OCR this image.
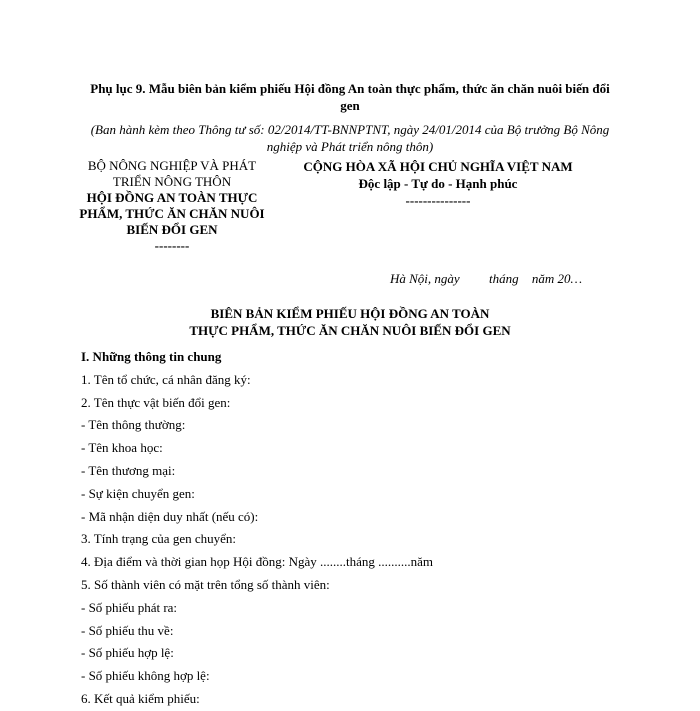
Phụ lục 9. Mẫu biên bản kiểm phiếu Hội đồng An toàn thực phẩm, thức ăn chăn nuôi biến đổi gen
(Ban hành kèm theo Thông tư số: 02/2014/TT-BNNPTNT, ngày 24/01/2014 của Bộ trưởng Bộ Nông nghiệp và Phát triển nông thôn)
BỘ NÔNG NGHIỆP VÀ PHÁT TRIỂN NÔNG THÔN
HỘI ĐỒNG AN TOÀN THỰC PHẨM, THỨC ĂN CHĂN NUÔI BIẾN ĐỔI GEN
--------
CỘNG HÒA XÃ HỘI CHỦ NGHĨA VIỆT NAM
Độc lập - Tự do - Hạnh phúc
---------------
Hà Nội, ngày tháng năm 20…
BIÊN BẢN KIỂM PHIẾU HỘI ĐỒNG AN TOÀN
THỰC PHẨM, THỨC ĂN CHĂN NUÔI BIẾN ĐỔI GEN
I. Những thông tin chung
1. Tên tổ chức, cá nhân đăng ký:
2. Tên thực vật biến đổi gen:
- Tên thông thường:
- Tên khoa học:
- Tên thương mại:
- Sự kiện chuyển gen:
- Mã nhận diện duy nhất (nếu có):
3. Tính trạng của gen chuyển:
4. Địa điểm và thời gian họp Hội đồng: Ngày ........tháng ..........năm
5. Số thành viên có mặt trên tổng số thành viên:
- Số phiếu phát ra:
- Số phiếu thu về:
- Số phiếu hợp lệ:
- Số phiếu không hợp lệ:
6. Kết quả kiểm phiếu:
